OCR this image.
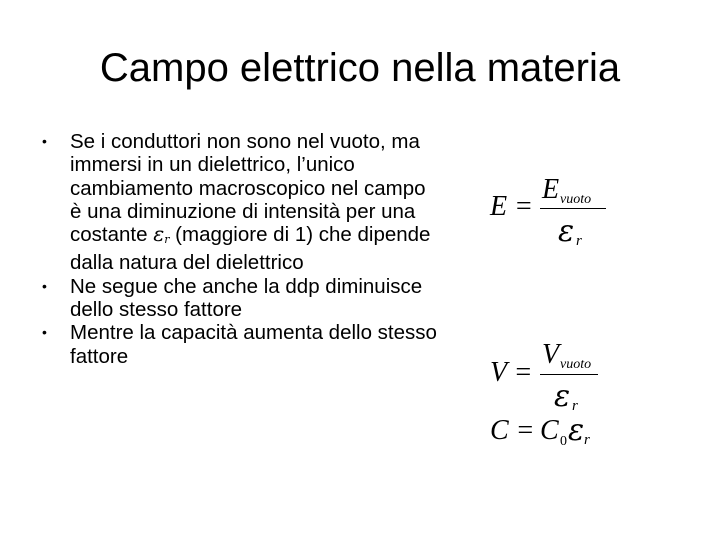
Campo elettrico nella materia
• Se i conduttori non sono nel vuoto, ma immersi in un dielettrico, l’unico cambiamento macroscopico nel campo è una diminuzione di intensità per una costante $\varepsilon_r$ (maggiore di 1) che dipende dalla natura del dielettrico
• Ne segue che anche la ddp diminuisce dello stesso fattore
• Mentre la capacità aumenta dello stesso fattore
E =
E vuoto
ε r
V =
V vuoto
ε r
C = C 0 ε r
